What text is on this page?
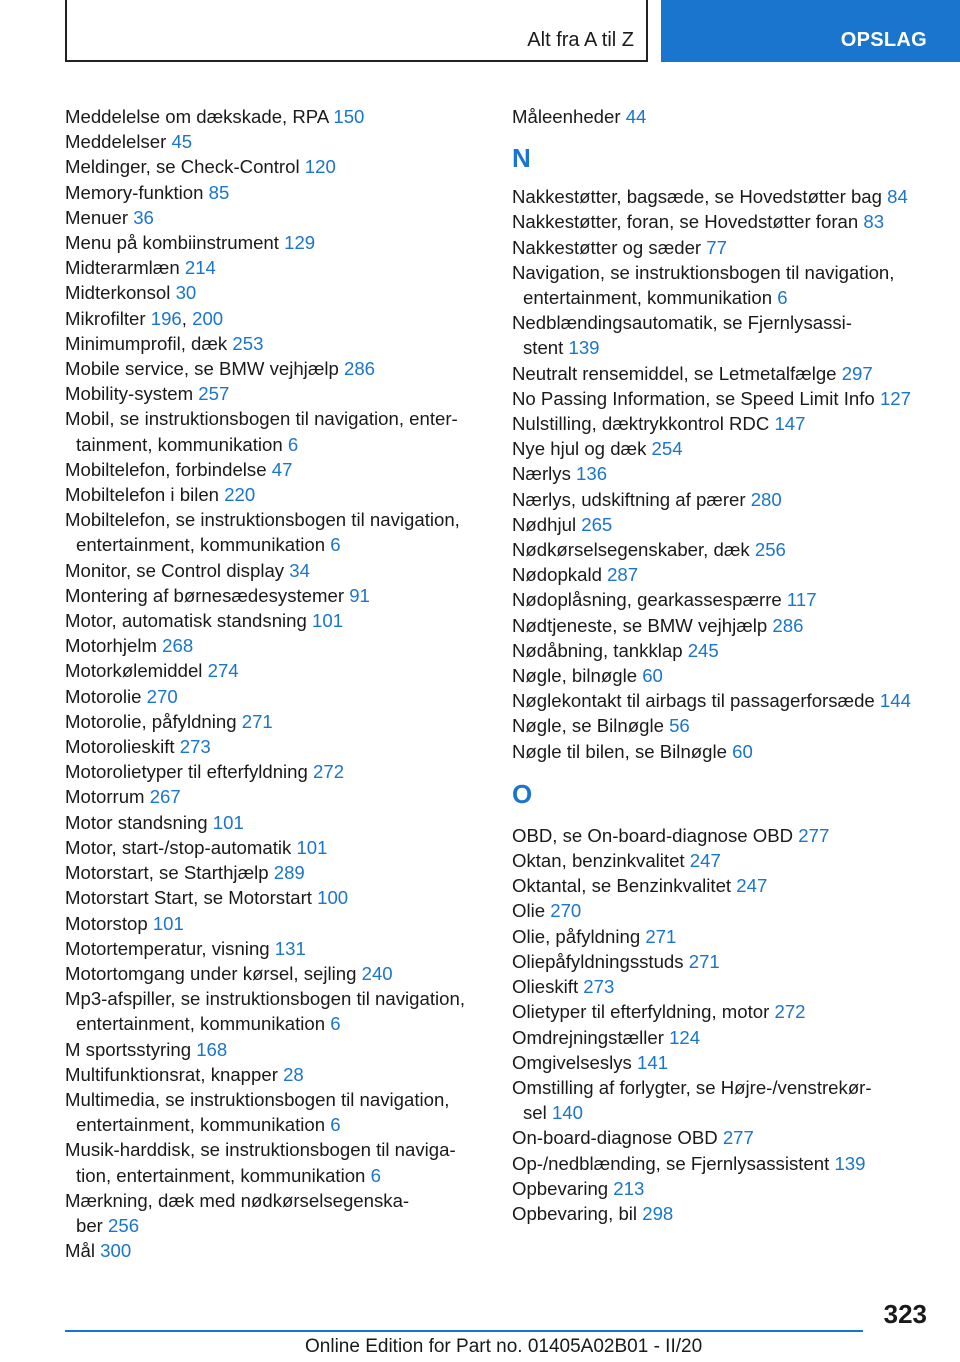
Alt fra A til Z	OPSLAG
Meddelelse om dækskade, RPA 150
Meddelelser 45
Meldinger, se Check-Control 120
Memory-funktion 85
Menuer 36
Menu på kombiinstrument 129
Midterarmlæn 214
Midterkonsol 30
Mikrofilter 196, 200
Minimumprofil, dæk 253
Mobile service, se BMW vejhjælp 286
Mobility-system 257
Mobil, se instruktionsbogen til navigation, enter-
tainment, kommunikation 6
Mobiltelefon, forbindelse 47
Mobiltelefon i bilen 220
Mobiltelefon, se instruktionsbogen til navigation,
entertainment, kommunikation 6
Monitor, se Control display 34
Montering af børnesædesystemer 91
Motor, automatisk standsning 101
Motorhjelm 268
Motorkølemiddel 274
Motorolie 270
Motorolie, påfyldning 271
Motorolieskift 273
Motorolietyper til efterfyldning 272
Motorrum 267
Motor standsning 101
Motor, start-/stop-automatik 101
Motorstart, se Starthjælp 289
Motorstart Start, se Motorstart 100
Motorstop 101
Motortemperatur, visning 131
Motortomgang under kørsel, sejling 240
Mp3-afspiller, se instruktionsbogen til navigation,
entertainment, kommunikation 6
M sportsstyring 168
Multifunktionsrat, knapper 28
Multimedia, se instruktionsbogen til navigation,
entertainment, kommunikation 6
Musik-harddisk, se instruktionsbogen til naviga-
tion, entertainment, kommunikation 6
Mærkning, dæk med nødkørselsegenska-
ber 256
Mål 300
Måleenheder 44
N
Nakkestøtter, bagsæde, se Hovedstøtter bag 84
Nakkestøtter, foran, se Hovedstøtter foran 83
Nakkestøtter og sæder 77
Navigation, se instruktionsbogen til navigation,
entertainment, kommunikation 6
Nedblændingsautomatik, se Fjernlysassi-
stent 139
Neutralt rensemiddel, se Letmetalfælge 297
No Passing Information, se Speed Limit Info 127
Nulstilling, dæktrykkontrol RDC 147
Nye hjul og dæk 254
Nærlys 136
Nærlys, udskiftning af pærer 280
Nødhjul 265
Nødkørselsegenskaber, dæk 256
Nødopkald 287
Nødoplåsning, gearkassespærre 117
Nødtjeneste, se BMW vejhjælp 286
Nødåbning, tankklap 245
Nøgle, bilnøgle 60
Nøglekontakt til airbags til passagerforsæde 144
Nøgle, se Bilnøgle 56
Nøgle til bilen, se Bilnøgle 60
O
OBD, se On-board-diagnose OBD 277
Oktan, benzinkvalitet 247
Oktantal, se Benzinkvalitet 247
Olie 270
Olie, påfyldning 271
Oliepåfyldningsstuds 271
Olieskift 273
Olietyper til efterfyldning, motor 272
Omdrejningstæller 124
Omgivelseslys 141
Omstilling af forlygter, se Højre-/venstrekør-
sel 140
On-board-diagnose OBD 277
Op-/nedblænding, se Fjernlysassistent 139
Opbevaring 213
Opbevaring, bil 298
323
Online Edition for Part no. 01405A02B01 - II/20
